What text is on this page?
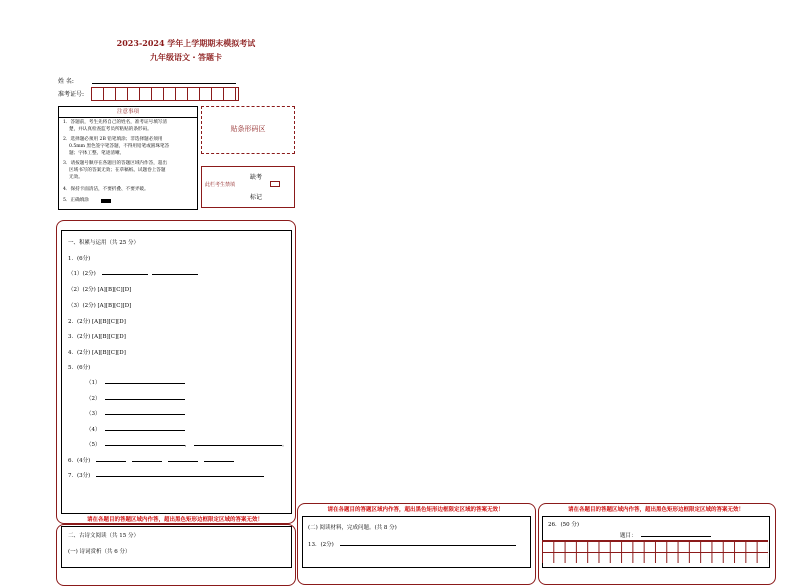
2023-2024 学年上学期期末模拟考试
九年级语文・答题卡
姓 名:
准考证号:
注意事项
1．答题前，考生先将自己的姓名，准考证号填写清
楚，并认真检查监考员所粘贴的条形码。
2．选择题必须用 2B 铅笔填涂；非选择题必须用
0.5mm 黑色签字笔答题，不得用铅笔或圆珠笔答
题；字体工整、笔迹清晰。
3．请按题号顺序在各题目的答题区域内作答，超出
区域书写的答案无效；在草稿纸、试题卷上答题
无效。
4．保持卡面清洁，不要折叠、不要弄破。
5．正确填涂
贴条形码区
缺考
此栏考生禁填
标记
一、积累与运用（共 25 分）
1．(6分)
（1）(2分)
（2）(2分) [A][B][C][D]
（3）(2分) [A][B][C][D]
2．(2分) [A][B][C][D]
3．(2分) [A][B][C][D]
4．(2分) [A][B][C][D]
5．(6分)
（1）
（2）
（3）
（4）
（5）	，	。
6．(4分)
7．(3分)
请在各题目的答题区域内作答，超出黑色矩形边框限定区域的答案无效！
二、古诗文阅读（共 15 分）
(一) 诗词赏析（共 6 分）
请在各题目的答题区域内作答，超出黑色矩形边框限定区域的答案无效！
(二) 阅读材料，完成问题。(共 8 分)
13．(2分)
请在各题目的答题区域内作答，超出黑色矩形边框限定区域的答案无效！
26．(50 分)
题目：
